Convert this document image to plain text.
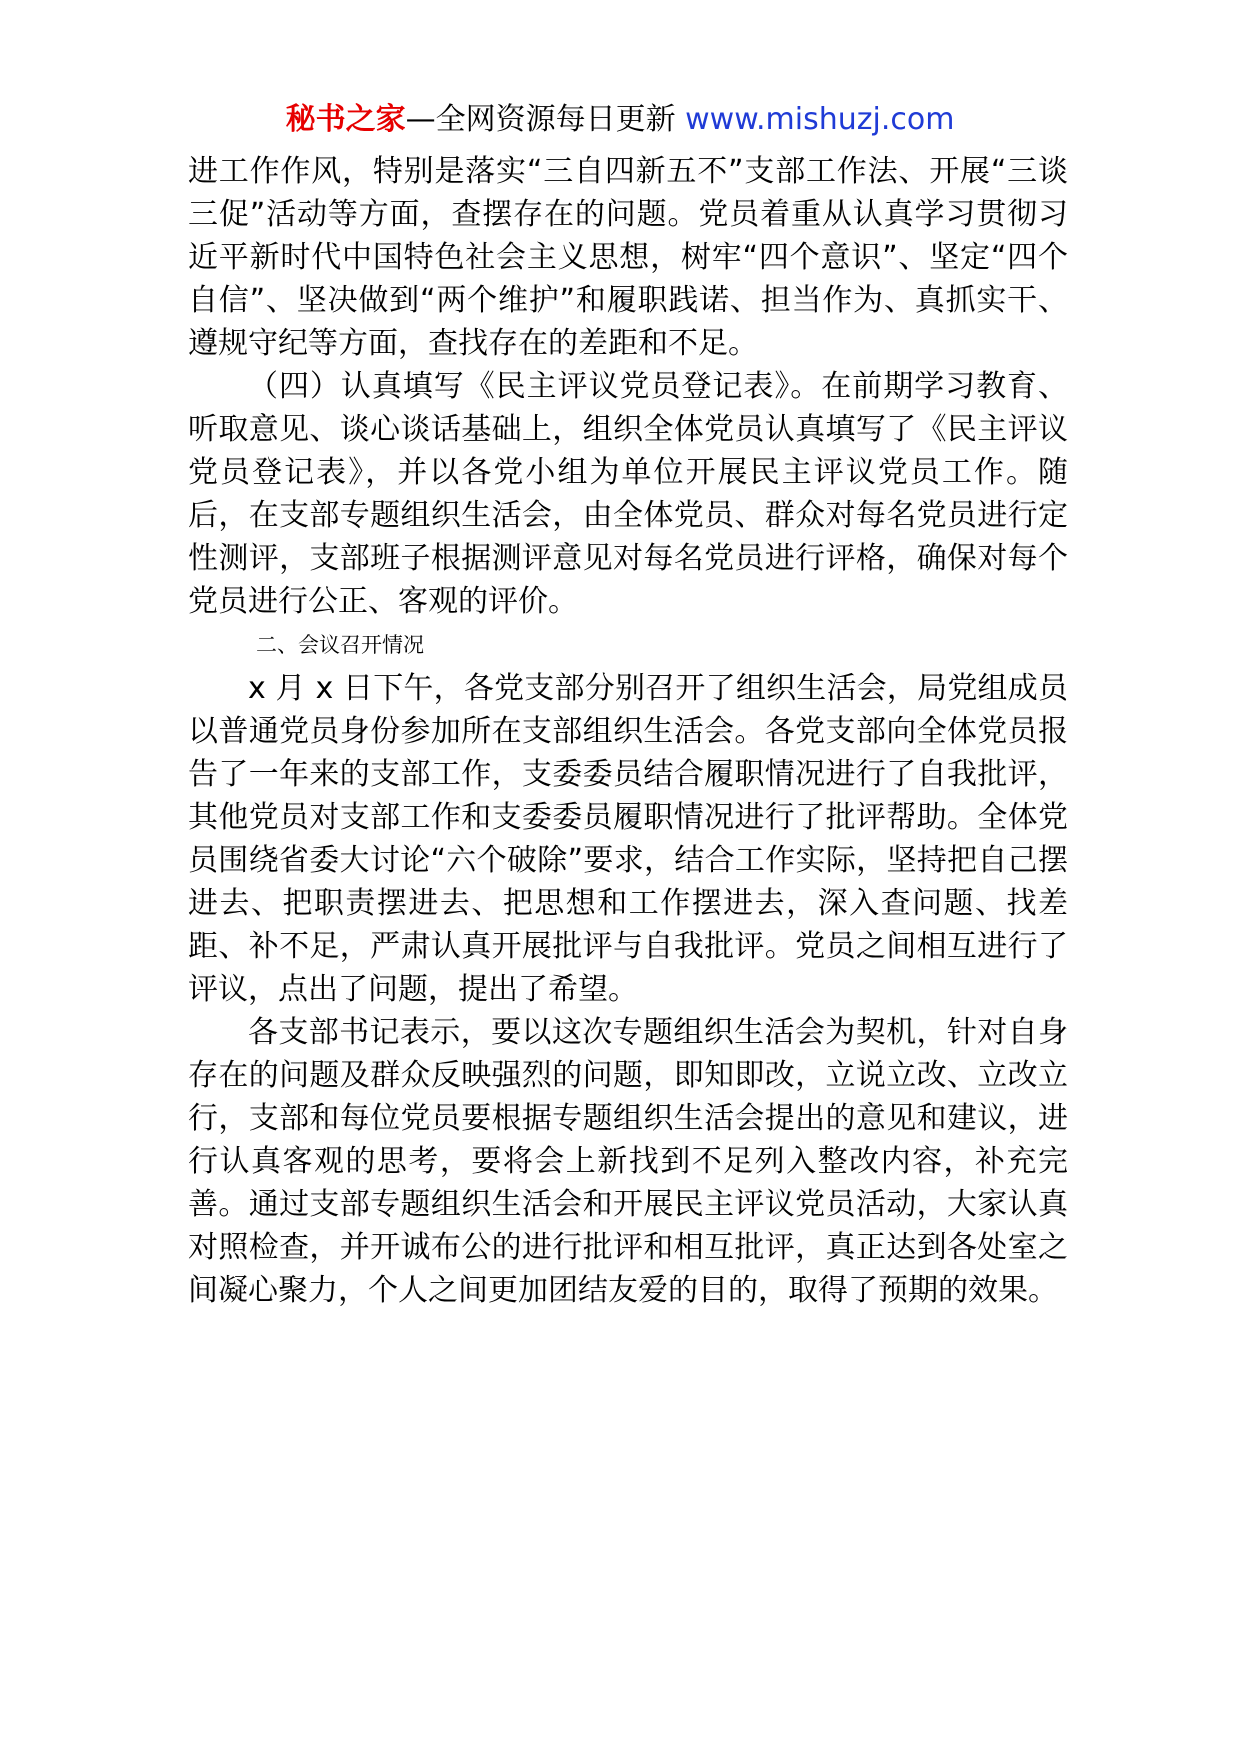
秘书之家—全网资源每日更新 www.mishuzj.com

进工作作风，特别是落实“三自四新五不”支部工作法、开展“三谈三促”活动等方面，查摆存在的问题。党员着重从认真学习贯彻习近平新时代中国特色社会主义思想，树牢“四个意识”、坚定“四个自信”、坚决做到“两个维护”和履职践诺、担当作为、真抓实干、遵规守纪等方面，查找存在的差距和不足。

（四）认真填写《民主评议党员登记表》。在前期学习教育、听取意见、谈心谈话基础上，组织全体党员认真填写了《民主评议党员登记表》，并以各党小组为单位开展民主评议党员工作。随后，在支部专题组织生活会，由全体党员、群众对每名党员进行定性测评，支部班子根据测评意见对每名党员进行评格，确保对每个党员进行公正、客观的评价。

二、会议召开情况

x 月 x 日下午，各党支部分别召开了组织生活会，局党组成员以普通党员身份参加所在支部组织生活会。各党支部向全体党员报告了一年来的支部工作，支委委员结合履职情况进行了自我批评，其他党员对支部工作和支委委员履职情况进行了批评帮助。全体党员围绕省委大讨论“六个破除”要求，结合工作实际，坚持把自己摆进去、把职责摆进去、把思想和工作摆进去，深入查问题、找差距、补不足，严肃认真开展批评与自我批评。党员之间相互进行了评议，点出了问题，提出了希望。

各支部书记表示，要以这次专题组织生活会为契机，针对自身存在的问题及群众反映强烈的问题，即知即改，立说立改、立改立行，支部和每位党员要根据专题组织生活会提出的意见和建议，进行认真客观的思考，要将会上新找到不足列入整改内容，补充完善。通过支部专题组织生活会和开展民主评议党员活动，大家认真对照检查，并开诚布公的进行批评和相互批评，真正达到各处室之间凝心聚力，个人之间更加团结友爱的目的，取得了预期的效果。
